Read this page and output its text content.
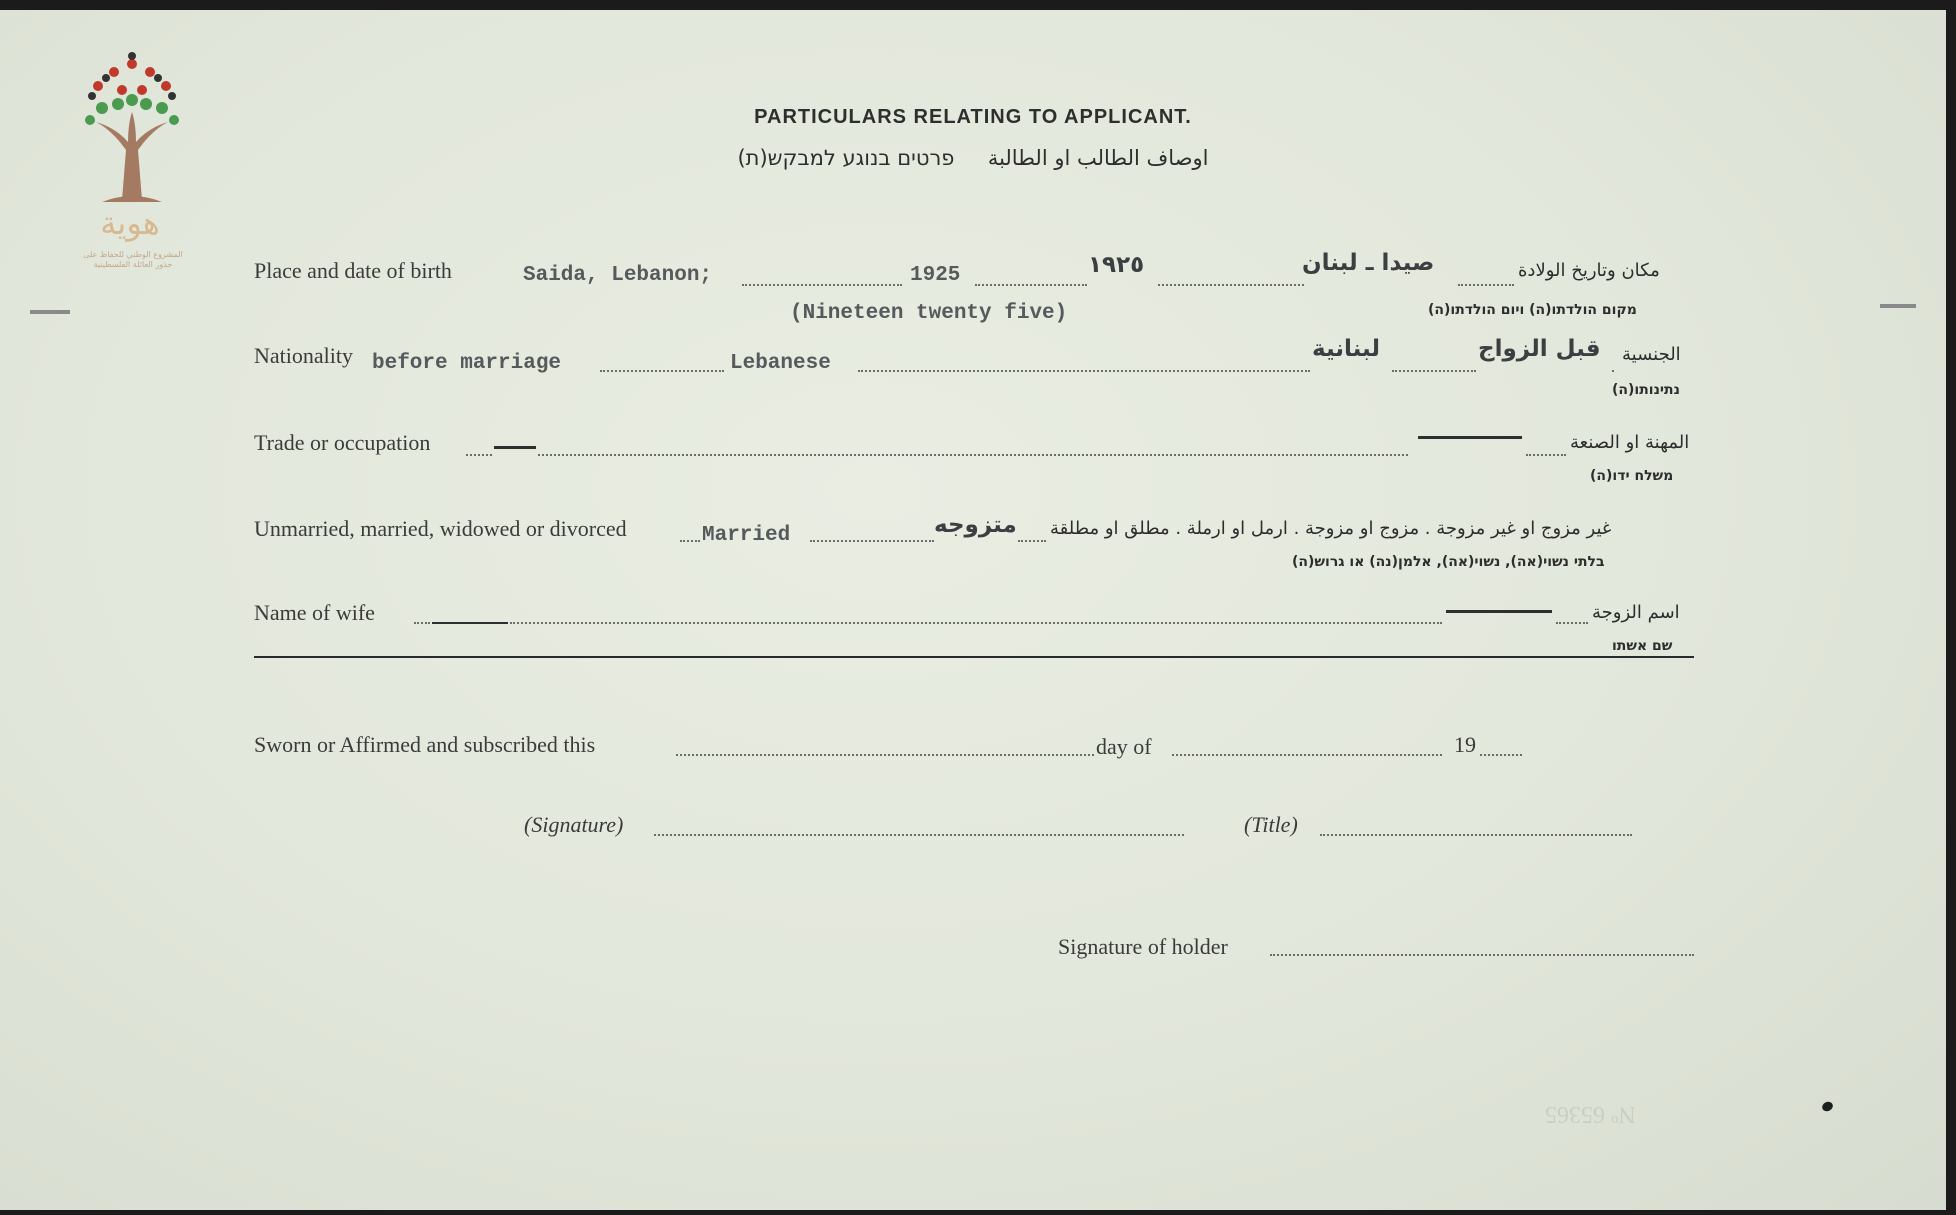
هوية
المشروع الوطني للحفاظ على
جذور العائلة الفلسطينية
PARTICULARS RELATING TO APPLICANT.
اوصاف الطالب او الطالبة     פרטים בנוגע למבקש(ת)
Place and date of birth	Saida, Lebanon;	1925	١٩٢٥	صيدا ـ لبنان	مكان وتاريخ الولادة
(Nineteen twenty five)	מקום הולדתו(ה) ויום הולדתו(ה)
Nationality before marriage	Lebanese
لبنانية	قبل الزواج الجنسية
נתינותו(ה)
Trade or occupation	المهنة او الصنعة
משלח ידו(ה)
Unmarried, married, widowed or divorced	Married	متزوجه غير مزوج او غير مزوجة . مزوج او مزوجة . ارمل او ارملة . مطلق او مطلقة
בלתי נשוי(אה), נשוי(אה), אלמן(נה) או גרוש(ה)
Name of wife	اسم الزوجة
שם אשתו
Sworn or Affirmed and subscribed this	day of	19
(Signature)	(Title)
Signature of holder
Nº 65365
